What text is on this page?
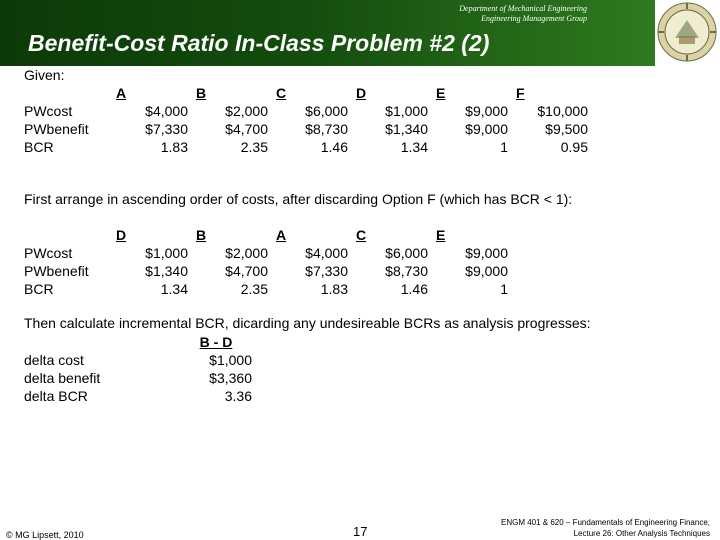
Department of Mechanical Engineering
Engineering Management Group
Benefit-Cost Ratio In-Class Problem #2 (2)
Given:
	A	B	C	D	E	F
PWcost	$4,000	$2,000	$6,000	$1,000	$9,000	$10,000
PWbenefit	$7,330	$4,700	$8,730	$1,340	$9,000	$9,500
BCR	1.83	2.35	1.46	1.34	1	0.95
First arrange in ascending order of costs, after discarding Option F (which has BCR < 1):
	D	B	A	C	E
PWcost	$1,000	$2,000	$4,000	$6,000	$9,000
PWbenefit	$1,340	$4,700	$7,330	$8,730	$9,000
BCR	1.34	2.35	1.83	1.46	1
Then calculate incremental BCR, dicarding any undesireable BCRs as analysis progresses:
	B - D
delta cost	$1,000
delta benefit	$3,360
delta BCR	3.36
© MG Lipsett, 2010	17
ENGM 401 & 620 – Fundamentals of Engineering Finance,
Lecture 26: Other Analysis Techniques
